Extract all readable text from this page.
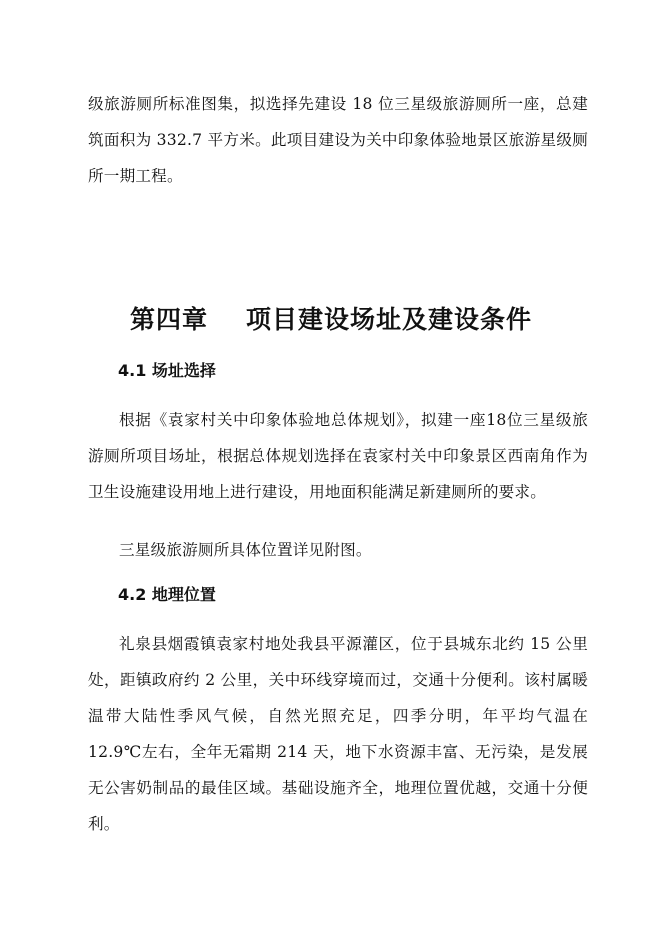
级旅游厕所标准图集，拟选择先建设 18 位三星级旅游厕所一座，总建筑面积为 332.7 平方米。此项目建设为关中印象体验地景区旅游星级厕所一期工程。

第四章 项目建设场址及建设条件
4.1 场址选择

根据《袁家村关中印象体验地总体规划》，拟建一座18位三星级旅游厕所项目场址，根据总体规划选择在袁家村关中印象景区西南角作为卫生设施建设用地上进行建设，用地面积能满足新建厕所的要求。

三星级旅游厕所具体位置详见附图。

4.2 地理位置

礼泉县烟霞镇袁家村地处我县平源灌区，位于县城东北约 15 公里处，距镇政府约 2 公里，关中环线穿境而过，交通十分便利。该村属暖温带大陆性季风气候，自然光照充足，四季分明，年平均气温在 12.9℃左右，全年无霜期 214 天，地下水资源丰富、无污染，是发展无公害奶制品的最佳区域。基础设施齐全，地理位置优越，交通十分便利。
